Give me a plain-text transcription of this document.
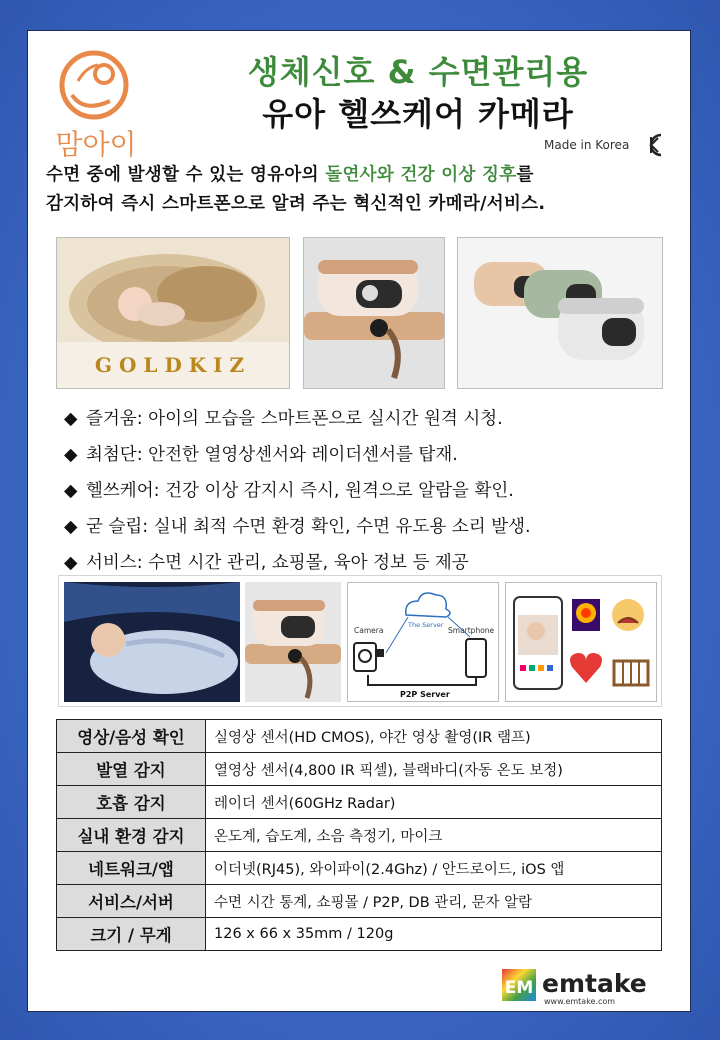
맘아이
생체신호 & 수면관리용
유아 헬쓰케어 카메라
Made in Korea
수면 중에 발생할 수 있는 영유아의 돌연사와 건강 이상 징후를
감지하여 즉시 스마트폰으로 알려 주는 혁신적인 카메라/서비스.
GOLDKIZ
◆ 즐거움: 아이의 모습을 스마트폰으로 실시간 원격 시청.
◆ 최첨단: 안전한 열영상센서와 레이더센서를 탑재.
◆ 헬쓰케어: 건강 이상 감지시 즉시, 원격으로 알람을 확인.
◆ 굳 슬립: 실내 최적 수면 환경 확인, 수면 유도용 소리 발생.
◆ 서비스: 수면 시간 관리, 쇼핑몰, 육아 정보 등 제공
Camera	Smartphone
The Server
P2P Server
영상/음성 확인	실영상 센서(HD CMOS), 야간 영상 촬영(IR 램프)
발열 감지	열영상 센서(4,800 IR 픽셀), 블랙바디(자동 온도 보정)
호흡 감지	레이더 센서(60GHz Radar)
실내 환경 감지	온도계, 습도계, 소음 측정기, 마이크
네트워크/앱	이더넷(RJ45), 와이파이(2.4Ghz) / 안드로이드, iOS 앱
서비스/서버	수면 시간 통계, 쇼핑몰 / P2P, DB 관리, 문자 알람
크기 / 무게	126 x 66 x 35mm / 120g
EM emtake
www.emtake.com
